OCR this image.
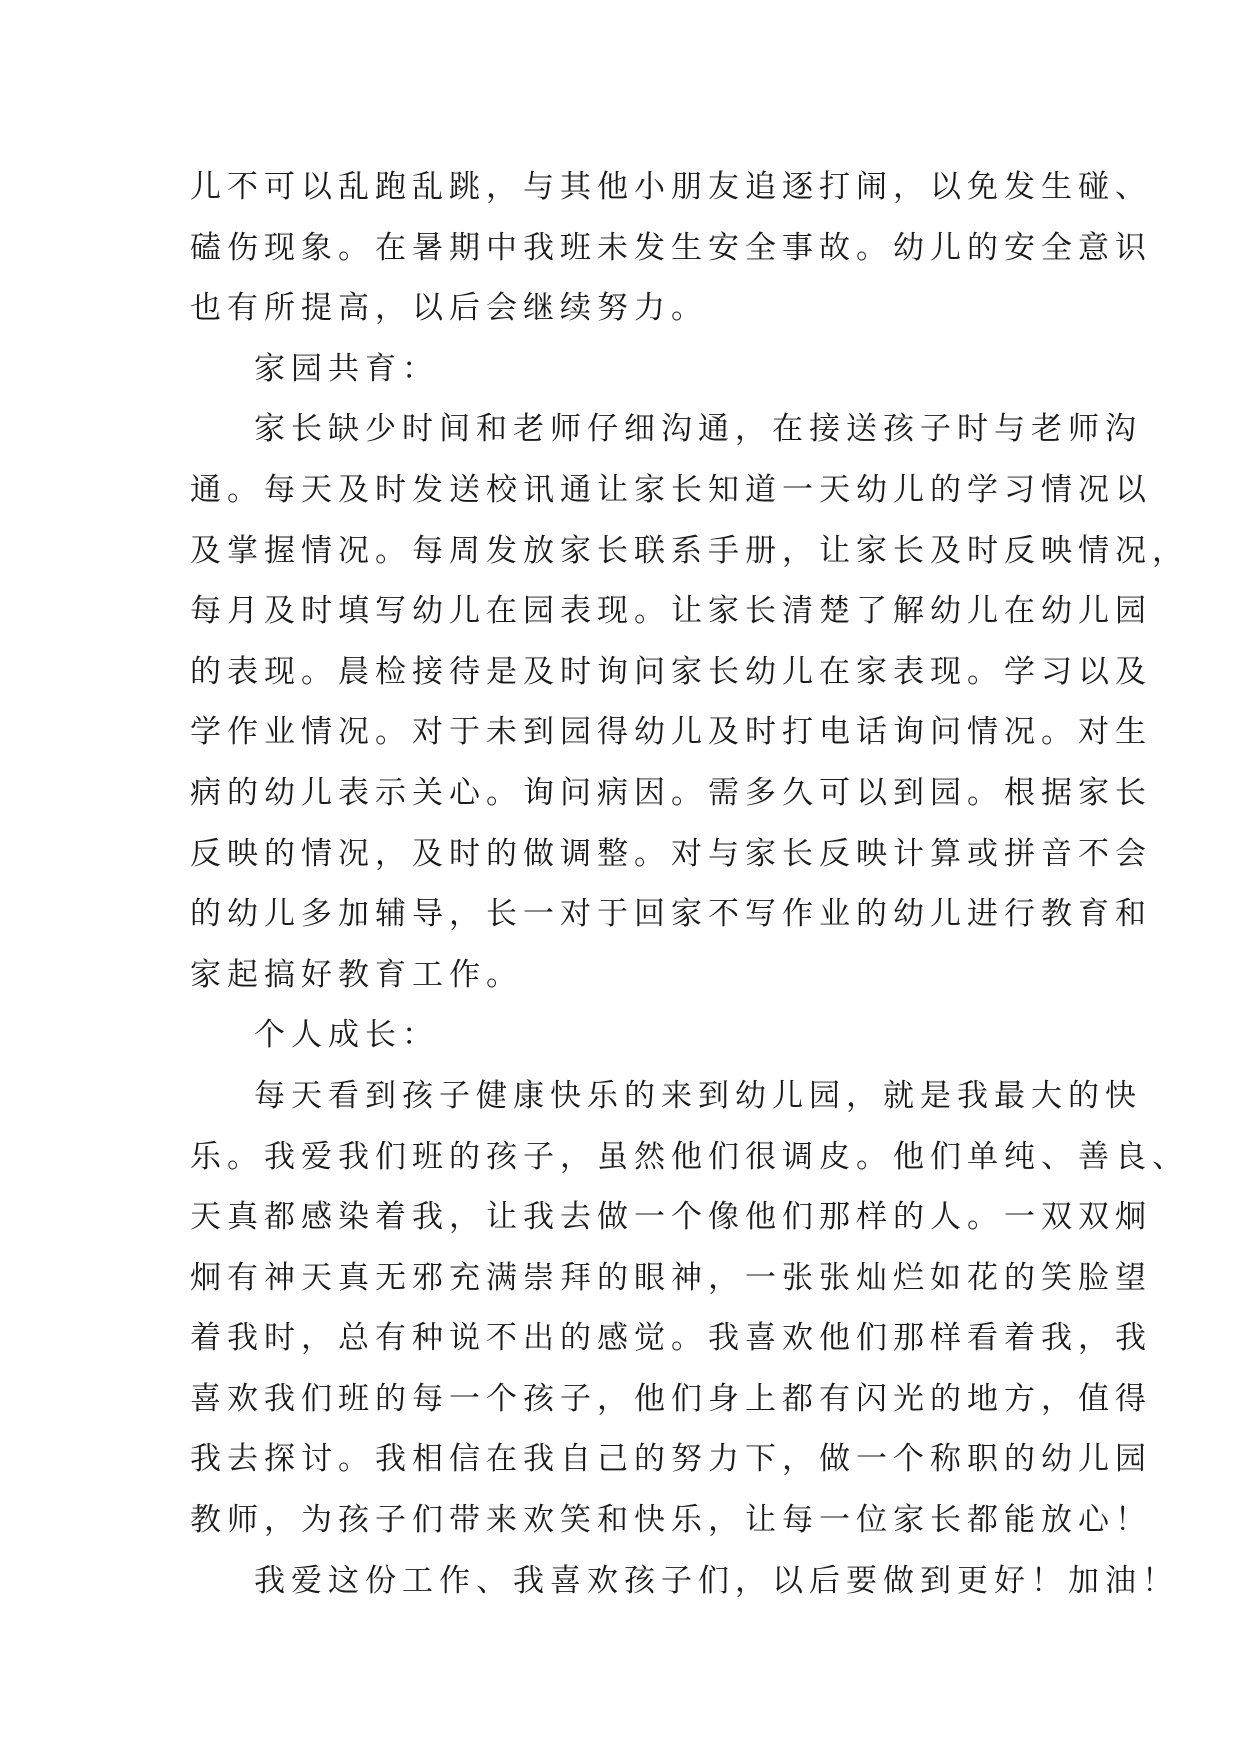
儿不可以乱跑乱跳，与其他小朋友追逐打闹，以免发生碰、
磕伤现象。在暑期中我班未发生安全事故。幼儿的安全意识
也有所提高，以后会继续努力。
家园共育：
家长缺少时间和老师仔细沟通，在接送孩子时与老师沟
通。每天及时发送校讯通让家长知道一天幼儿的学习情况以
及掌握情况。每周发放家长联系手册，让家长及时反映情况，
每月及时填写幼儿在园表现。让家长清楚了解幼儿在幼儿园
的表现。晨检接待是及时询问家长幼儿在家表现。学习以及
学作业情况。对于未到园得幼儿及时打电话询问情况。对生
病的幼儿表示关心。询问病因。需多久可以到园。根据家长
反映的情况，及时的做调整。对与家长反映计算或拼音不会
的幼儿多加辅导，长一对于回家不写作业的幼儿进行教育和
家起搞好教育工作。
个人成长：
每天看到孩子健康快乐的来到幼儿园，就是我最大的快
乐。我爱我们班的孩子，虽然他们很调皮。他们单纯、善良、
天真都感染着我，让我去做一个像他们那样的人。一双双炯
炯有神天真无邪充满崇拜的眼神，一张张灿烂如花的笑脸望
着我时，总有种说不出的感觉。我喜欢他们那样看着我，我
喜欢我们班的每一个孩子，他们身上都有闪光的地方，值得
我去探讨。我相信在我自己的努力下，做一个称职的幼儿园
教师，为孩子们带来欢笑和快乐，让每一位家长都能放心！
我爱这份工作、我喜欢孩子们，以后要做到更好！加油！
